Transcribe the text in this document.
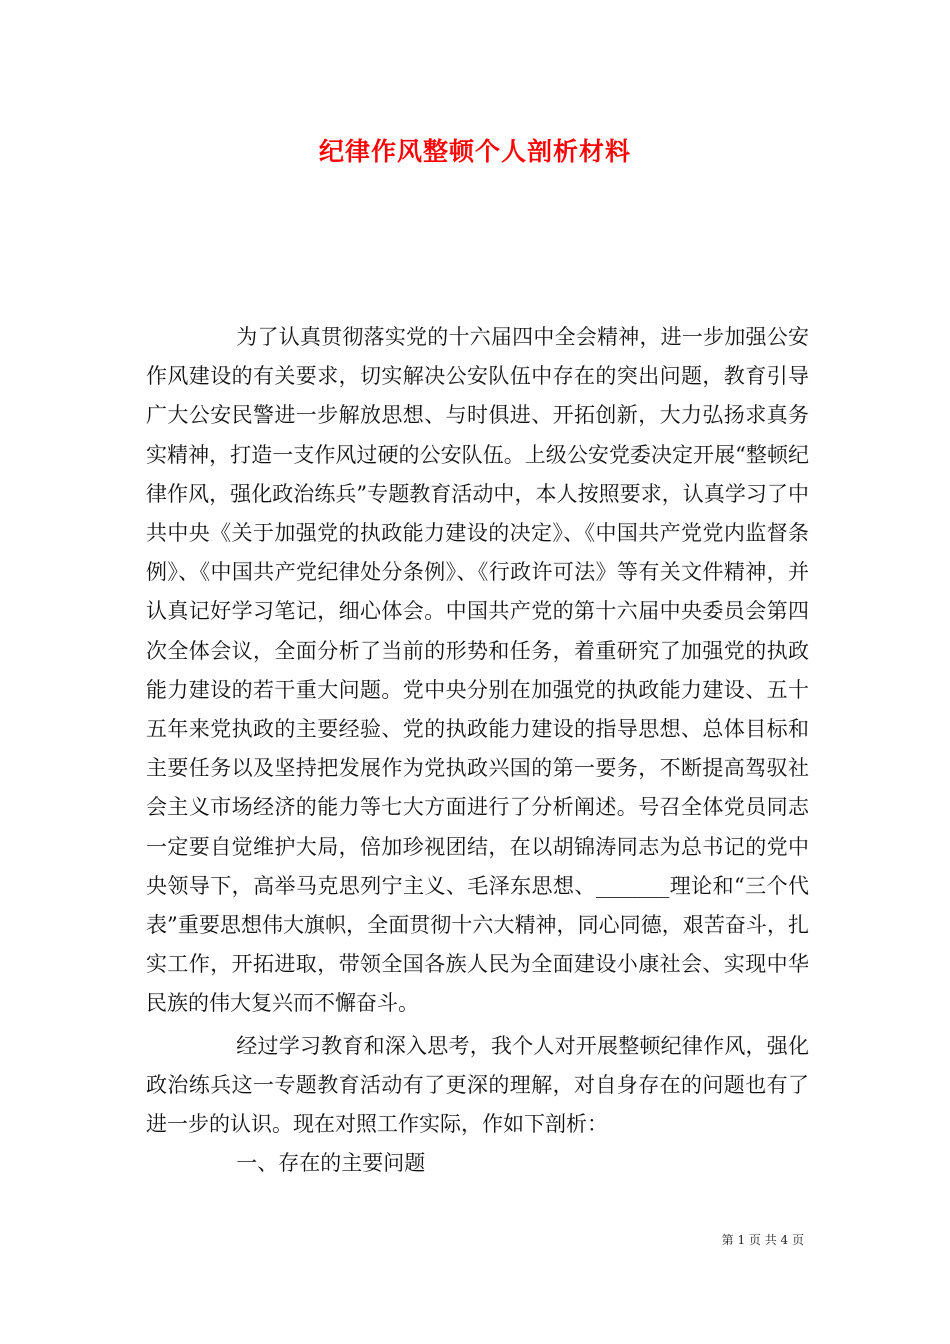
纪律作风整顿个人剖析材料

为了认真贯彻落实党的十六届四中全会精神，进一步加强公安作风建设的有关要求，切实解决公安队伍中存在的突出问题，教育引导广大公安民警进一步解放思想、与时俱进、开拓创新，大力弘扬求真务实精神，打造一支作风过硬的公安队伍。上级公安党委决定开展“整顿纪律作风，强化政治练兵”专题教育活动中，本人按照要求，认真学习了中共中央《关于加强党的执政能力建设的决定》、《中国共产党党内监督条例》、《中国共产党纪律处分条例》、《行政许可法》等有关文件精神，并认真记好学习笔记，细心体会。中国共产党的第十六届中央委员会第四次全体会议，全面分析了当前的形势和任务，着重研究了加强党的执政能力建设的若干重大问题。党中央分别在加强党的执政能力建设、五十五年来党执政的主要经验、党的执政能力建设的指导思想、总体目标和主要任务以及坚持把发展作为党执政兴国的第一要务，不断提高驾驭社会主义市场经济的能力等七大方面进行了分析阐述。号召全体党员同志一定要自觉维护大局，倍加珍视团结，在以胡锦涛同志为总书记的党中央领导下，高举马克思列宁主义、毛泽东思想、_______理论和“三个代表”重要思想伟大旗帜，全面贯彻十六大精神，同心同德，艰苦奋斗，扎实工作，开拓进取，带领全国各族人民为全面建设小康社会、实现中华民族的伟大复兴而不懈奋斗。

经过学习教育和深入思考，我个人对开展整顿纪律作风，强化政治练兵这一专题教育活动有了更深的理解，对自身存在的问题也有了进一步的认识。现在对照工作实际，作如下剖析：

一、存在的主要问题

第 1 页 共 4 页
